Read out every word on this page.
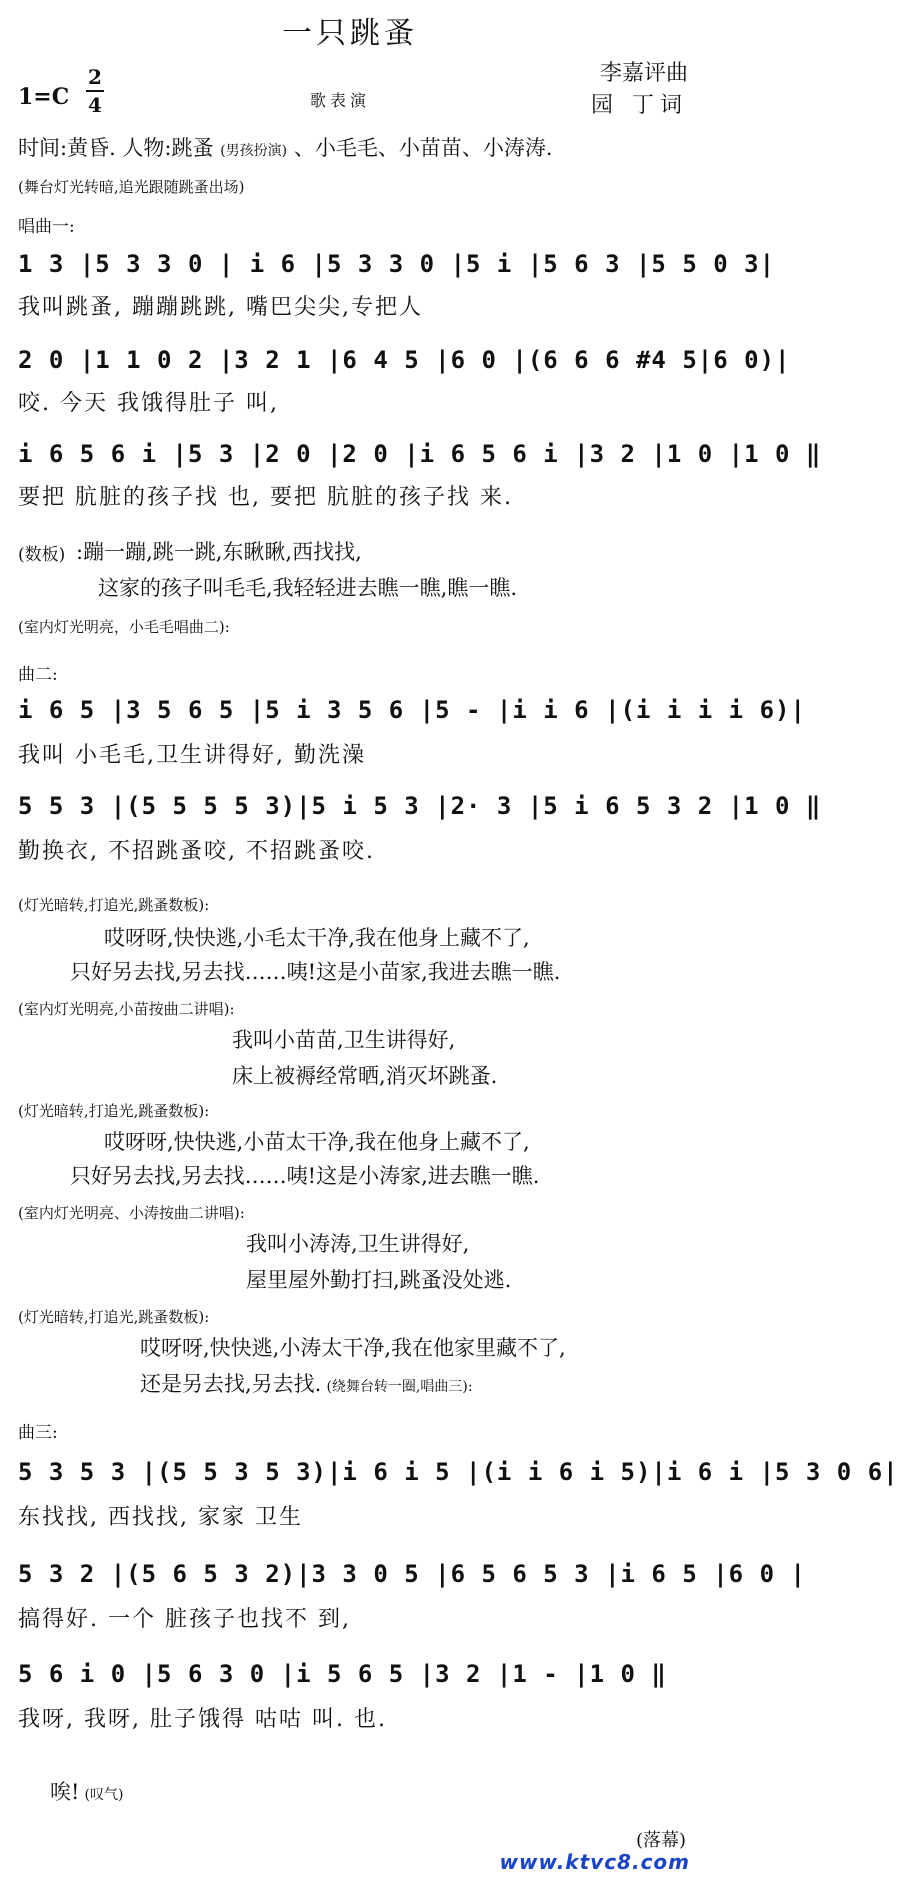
一只跳蚤
李嘉评曲
园 丁词
1=C
2
4	歌表演
时间:黄昏. 人物:跳蚤 (男孩扮演) 、小毛毛、小苗苗、小涛涛.
(舞台灯光转暗,追光跟随跳蚤出场)
唱曲一:
1 3 |5 3 3 0 | i 6 |5 3 3 0 |5 i |5 6 3 |5 5 0 3|
我叫跳蚤, 蹦蹦跳跳, 嘴巴尖尖,专把人
2 0 |1 1 0 2 |3 2 1 |6 4 5 |6 0 |(6 6 6 #4 5|6 0)|
咬. 今天 我饿得肚子 叫,
i 6 5 6 i |5 3 |2 0 |2 0 |i 6 5 6 i |3 2 |1 0 |1 0 ‖
要把 肮脏的孩子找 也, 要把 肮脏的孩子找 来.
(数板) :蹦一蹦,跳一跳,东瞅瞅,西找找,
这家的孩子叫毛毛,我轻轻进去瞧一瞧,瞧一瞧.
(室内灯光明亮，小毛毛唱曲二):
曲二:
i 6 5 |3 5 6 5 |5 i 3 5 6 |5 - |i i 6 |(i i i i 6)|
我叫 小毛毛,卫生讲得好, 勤洗澡
5 5 3 |(5 5 5 5 3)|5 i 5 3 |2· 3 |5 i 6 5 3 2 |1 0 ‖
勤换衣, 不招跳蚤咬, 不招跳蚤咬.
(灯光暗转,打追光,跳蚤数板):
哎呀呀,快快逃,小毛太干净,我在他身上藏不了,
只好另去找,另去找……咦!这是小苗家,我进去瞧一瞧.
(室内灯光明亮,小苗按曲二讲唱):
我叫小苗苗,卫生讲得好,
床上被褥经常晒,消灭坏跳蚤.
(灯光暗转,打追光,跳蚤数板):
哎呀呀,快快逃,小苗太干净,我在他身上藏不了,
只好另去找,另去找……咦!这是小涛家,进去瞧一瞧.
(室内灯光明亮、小涛按曲二讲唱):
我叫小涛涛,卫生讲得好,
屋里屋外勤打扫,跳蚤没处逃.
(灯光暗转,打追光,跳蚤数板):
哎呀呀,快快逃,小涛太干净,我在他家里藏不了,
还是另去找,另去找. (绕舞台转一圈,唱曲三):
曲三:
5 3 5 3 |(5 5 3 5 3)|i 6 i 5 |(i i 6 i 5)|i 6 i |5 3 0 6|
东找找, 西找找, 家家 卫生
5 3 2 |(5 6 5 3 2)|3 3 0 5 |6 5 6 5 3 |i 6 5 |6 0 |
搞得好. 一个 脏孩子也找不 到,
5 6 i 0 |5 6 3 0 |i 5 6 5 |3 2 |1 - |1 0 ‖
我呀, 我呀, 肚子饿得 咕咕 叫. 也.
唉! (叹气)
(落幕)
www.ktvc8.com
